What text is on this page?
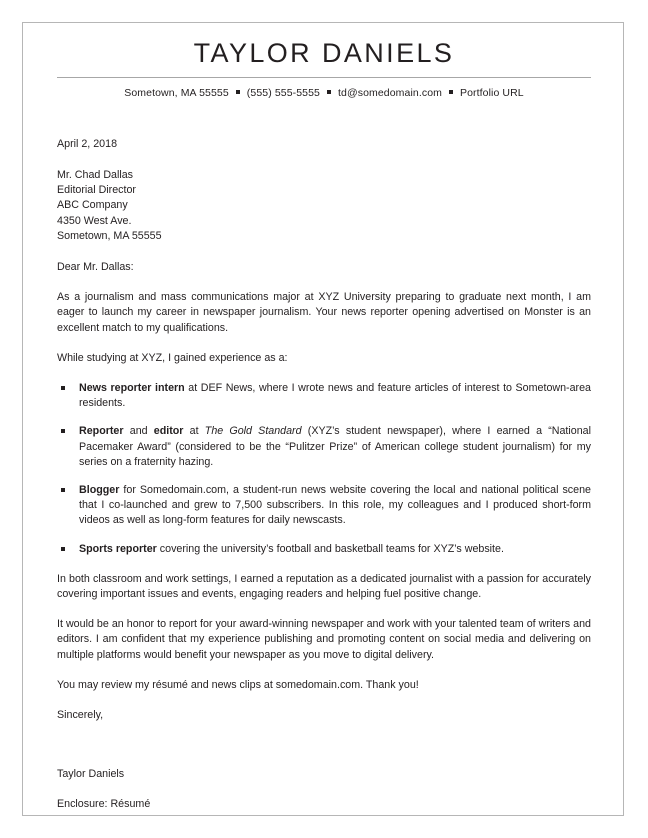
TAYLOR DANIELS
Sometown, MA 55555 (555) 555-5555 td@somedomain.com Portfolio URL
April 2, 2018
Mr. Chad Dallas
Editorial Director
ABC Company
4350 West Ave.
Sometown, MA 55555
Dear Mr. Dallas:

As a journalism and mass communications major at XYZ University preparing to graduate next month, I am eager to launch my career in newspaper journalism. Your news reporter opening advertised on Monster is an excellent match to my qualifications.

While studying at XYZ, I gained experience as a:
News reporter intern at DEF News, where I wrote news and feature articles of interest to Sometown-area residents.
Reporter and editor at The Gold Standard (XYZ’s student newspaper), where I earned a “National Pacemaker Award” (considered to be the “Pulitzer Prize” of American college student journalism) for my series on a fraternity hazing.
Blogger for Somedomain.com, a student-run news website covering the local and national political scene that I co-launched and grew to 7,500 subscribers. In this role, my colleagues and I produced short-form videos as well as long-form features for daily newscasts.
Sports reporter covering the university’s football and basketball teams for XYZ’s website.

In both classroom and work settings, I earned a reputation as a dedicated journalist with a passion for accurately covering important issues and events, engaging readers and helping fuel positive change.

It would be an honor to report for your award-winning newspaper and work with your talented team of writers and editors. I am confident that my experience publishing and promoting content on social media and delivering on multiple platforms would benefit your newspaper as you move to digital delivery.

You may review my résumé and news clips at somedomain.com. Thank you!

Sincerely,
Taylor Daniels
Enclosure: Résumé
